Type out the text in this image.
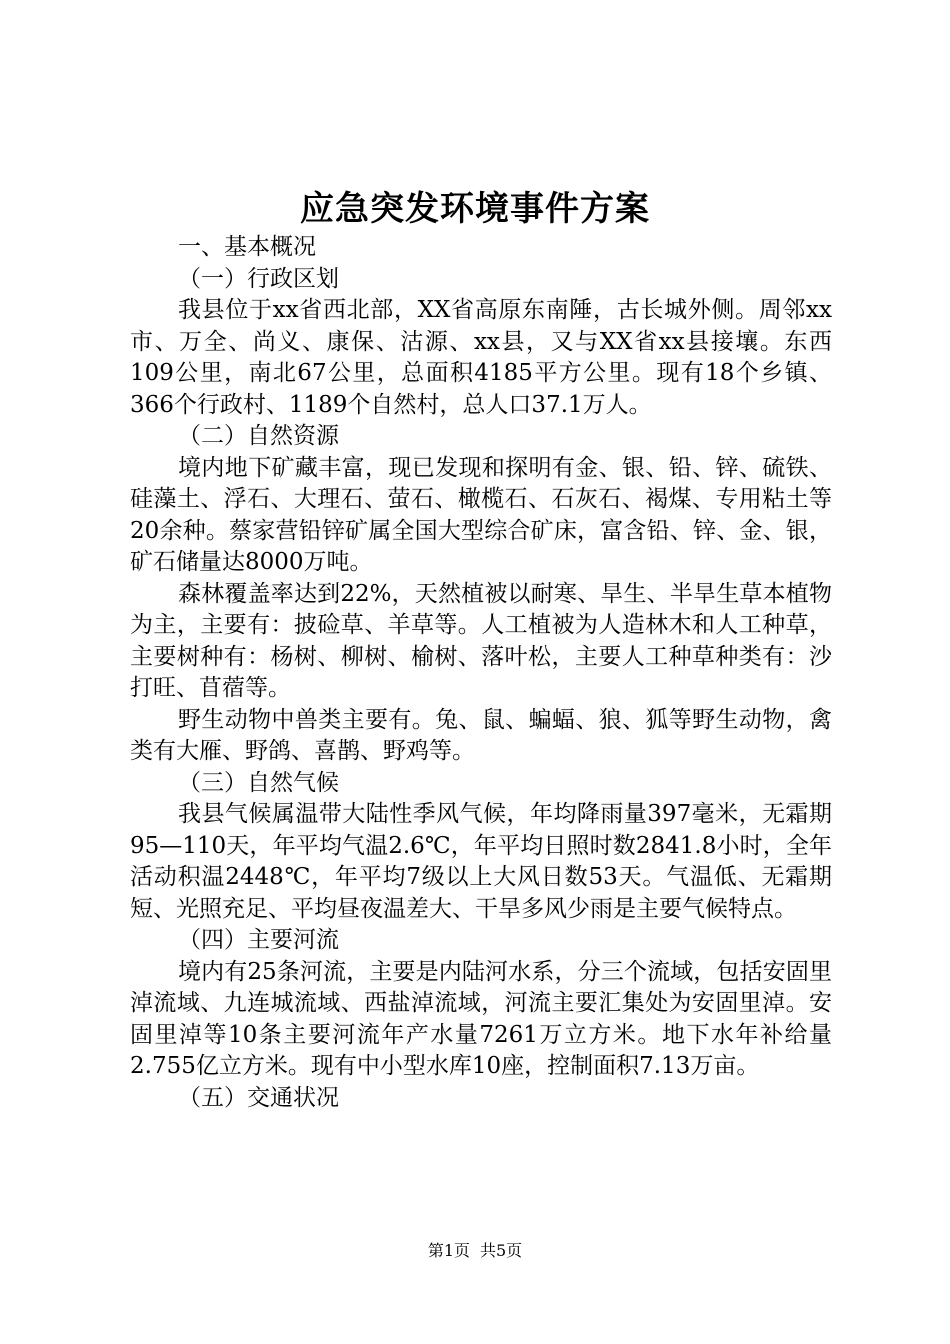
应急突发环境事件方案
一、基本概况
（一）行政区划

我县位于xx省西北部，XX省高原东南陲，古长城外侧。周邻xx市、万全、尚义、康保、沽源、xx县，又与XX省xx县接壤。东西109公里，南北67公里，总面积4185平方公里。现有18个乡镇、366个行政村、1189个自然村，总人口37.1万人。

（二）自然资源

境内地下矿藏丰富，现已发现和探明有金、银、铅、锌、硫铁、硅藻土、浮石、大理石、萤石、橄榄石、石灰石、褐煤、专用粘土等20余种。蔡家营铅锌矿属全国大型综合矿床，富含铅、锌、金、银，矿石储量达8000万吨。

森林覆盖率达到22%，天然植被以耐寒、旱生、半旱生草本植物为主，主要有：披硷草、羊草等。人工植被为人造林木和人工种草，主要树种有：杨树、柳树、榆树、落叶松，主要人工种草种类有：沙打旺、苜蓿等。

野生动物中兽类主要有。兔、鼠、蝙蝠、狼、狐等野生动物，禽类有大雁、野鸽、喜鹊、野鸡等。

（三）自然气候

我县气候属温带大陆性季风气候，年均降雨量397毫米，无霜期95—110天，年平均气温2.6℃，年平均日照时数2841.8小时，全年活动积温2448℃，年平均7级以上大风日数53天。气温低、无霜期短、光照充足、平均昼夜温差大、干旱多风少雨是主要气候特点。

（四）主要河流

境内有25条河流，主要是内陆河水系，分三个流域，包括安固里淖流域、九连城流域、西盐淖流域，河流主要汇集处为安固里淖。安固里淖等10条主要河流年产水量7261万立方米。地下水年补给量2.755亿立方米。现有中小型水库10座，控制面积7.13万亩。

（五）交通状况
第1页 共5页
